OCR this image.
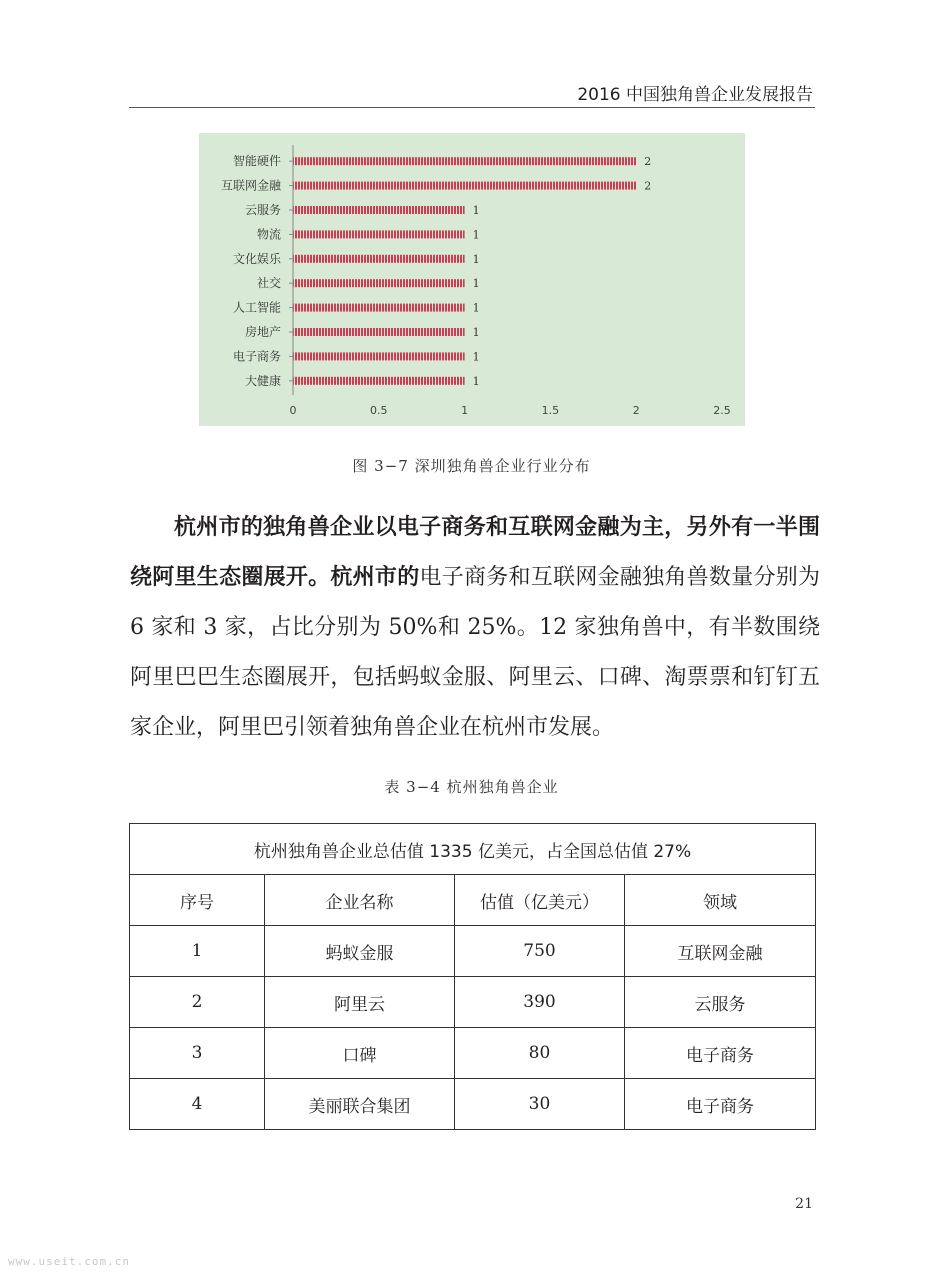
2016 中国独角兽企业发展报告
智能硬件	2
互联网金融	2
云服务	1
物流	1
文化娱乐	1
社交	1
人工智能	1
房地产	1
电子商务	1
大健康	1
0	0.5	1	1.5	2	2.5
图 3−7 深圳独角兽企业行业分布

杭州市的独角兽企业以电子商务和互联网金融为主，另外有一半围绕阿里生态圈展开。杭州市的电子商务和互联网金融独角兽数量分别为 6 家和 3 家，占比分别为 50%和 25%。12 家独角兽中，有半数围绕阿里巴巴生态圈展开，包括蚂蚁金服、阿里云、口碑、淘票票和钉钉五家企业，阿里巴引领着独角兽企业在杭州市发展。

表 3−4 杭州独角兽企业
杭州独角兽企业总估值 1335 亿美元，占全国总估值 27%			
序号	企业名称	估值（亿美元）	领域
1	蚂蚁金服	750	互联网金融
2	阿里云	390	云服务
3	口碑	80	电子商务
4	美丽联合集团	30	电子商务
21
www.useit.com.cn
